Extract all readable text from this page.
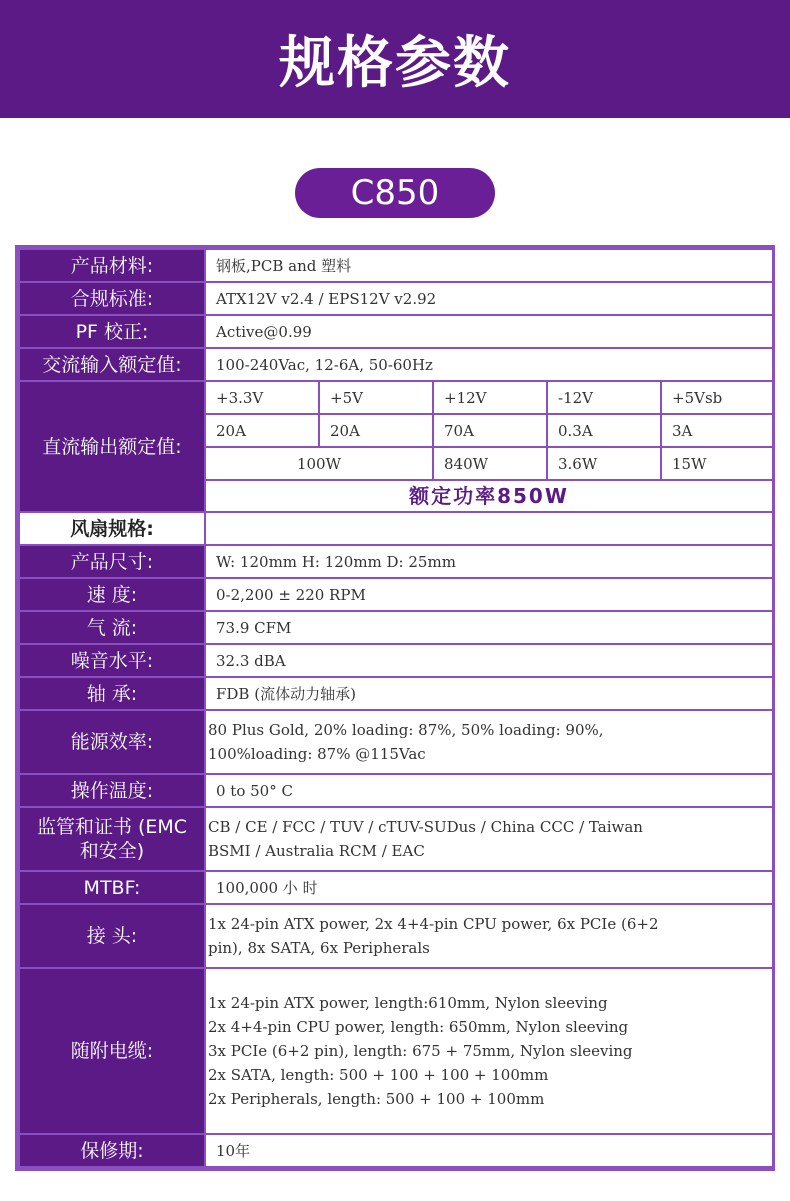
规格参数
C850
产品材料:	钢板,PCB and 塑料				
合规标准:	ATX12V v2.4 / EPS12V v2.92				
PF 校正:	Active@0.99				
交流输入额定值:	100-240Vac, 12-6A, 50-60Hz				
直流输出额定值:	+3.3V	+5V	+12V	-12V	+5Vsb
	20A	20A	70A	0.3A	3A
	100W		840W	3.6W	15W
	额定功率850W				
风扇规格:					
产品尺寸:	W: 120mm H: 120mm D: 25mm				
速 度:	0-2,200 ± 220 RPM				
气 流:	73.9 CFM				
噪音水平:	32.3 dBA				
轴 承:	FDB (流体动力轴承)				
能源效率:	80 Plus Gold, 20% loading: 87%, 50% loading: 90%,
100%loading: 87% @115Vac				

操作温度:	0 to 50° C				

监管和证书 (EMC
和安全)	CB / CE / FCC / TUV / cTUV-SUDus / China CCC / Taiwan
BSMI / Australia RCM / EAC				

MTBF:	100,000 小 时				
接 头:	1x 24-pin ATX power, 2x 4+4-pin CPU power, 6x PCIe (6+2
pin), 8x SATA, 6x Peripherals				

随附电缆:	1x 24-pin ATX power, length:610mm, Nylon sleeving
2x 4+4-pin CPU power, length: 650mm, Nylon sleeving
3x PCIe (6+2 pin), length: 675 + 75mm, Nylon sleeving
2x SATA, length: 500 + 100 + 100 + 100mm
2x Peripherals, length: 500 + 100 + 100mm				

保修期:	10年				
